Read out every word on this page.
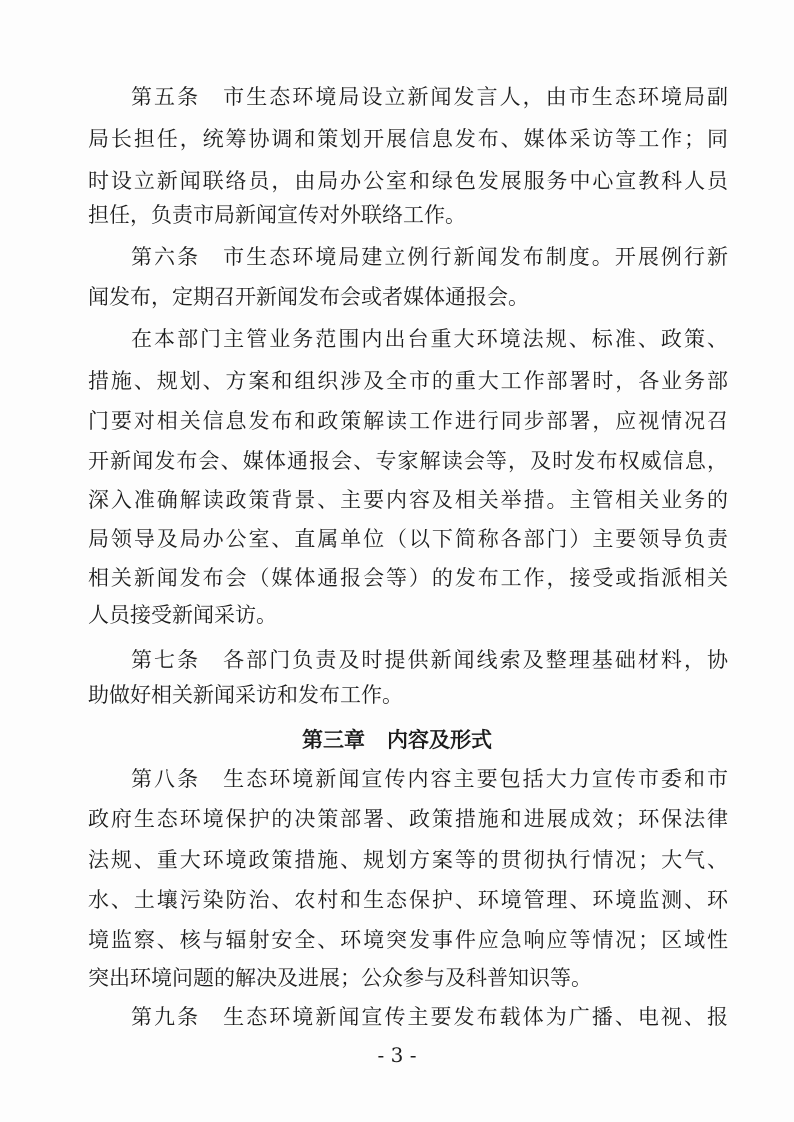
第五条　市生态环境局设立新闻发言人，由市生态环境局副
局长担任，统筹协调和策划开展信息发布、媒体采访等工作；同
时设立新闻联络员，由局办公室和绿色发展服务中心宣教科人员
担任，负责市局新闻宣传对外联络工作。
第六条　市生态环境局建立例行新闻发布制度。开展例行新
闻发布，定期召开新闻发布会或者媒体通报会。
在本部门主管业务范围内出台重大环境法规、标准、政策、
措施、规划、方案和组织涉及全市的重大工作部署时，各业务部
门要对相关信息发布和政策解读工作进行同步部署，应视情况召
开新闻发布会、媒体通报会、专家解读会等，及时发布权威信息，
深入准确解读政策背景、主要内容及相关举措。主管相关业务的
局领导及局办公室、直属单位（以下简称各部门）主要领导负责
相关新闻发布会（媒体通报会等）的发布工作，接受或指派相关
人员接受新闻采访。
第七条　各部门负责及时提供新闻线索及整理基础材料，协
助做好相关新闻采访和发布工作。
第三章 内容及形式
第八条　生态环境新闻宣传内容主要包括大力宣传市委和市
政府生态环境保护的决策部署、政策措施和进展成效；环保法律
法规、重大环境政策措施、规划方案等的贯彻执行情况；大气、
水、土壤污染防治、农村和生态保护、环境管理、环境监测、环
境监察、核与辐射安全、环境突发事件应急响应等情况；区域性
突出环境问题的解决及进展；公众参与及科普知识等。
第九条　生态环境新闻宣传主要发布载体为广播、电视、报
- 3 -
